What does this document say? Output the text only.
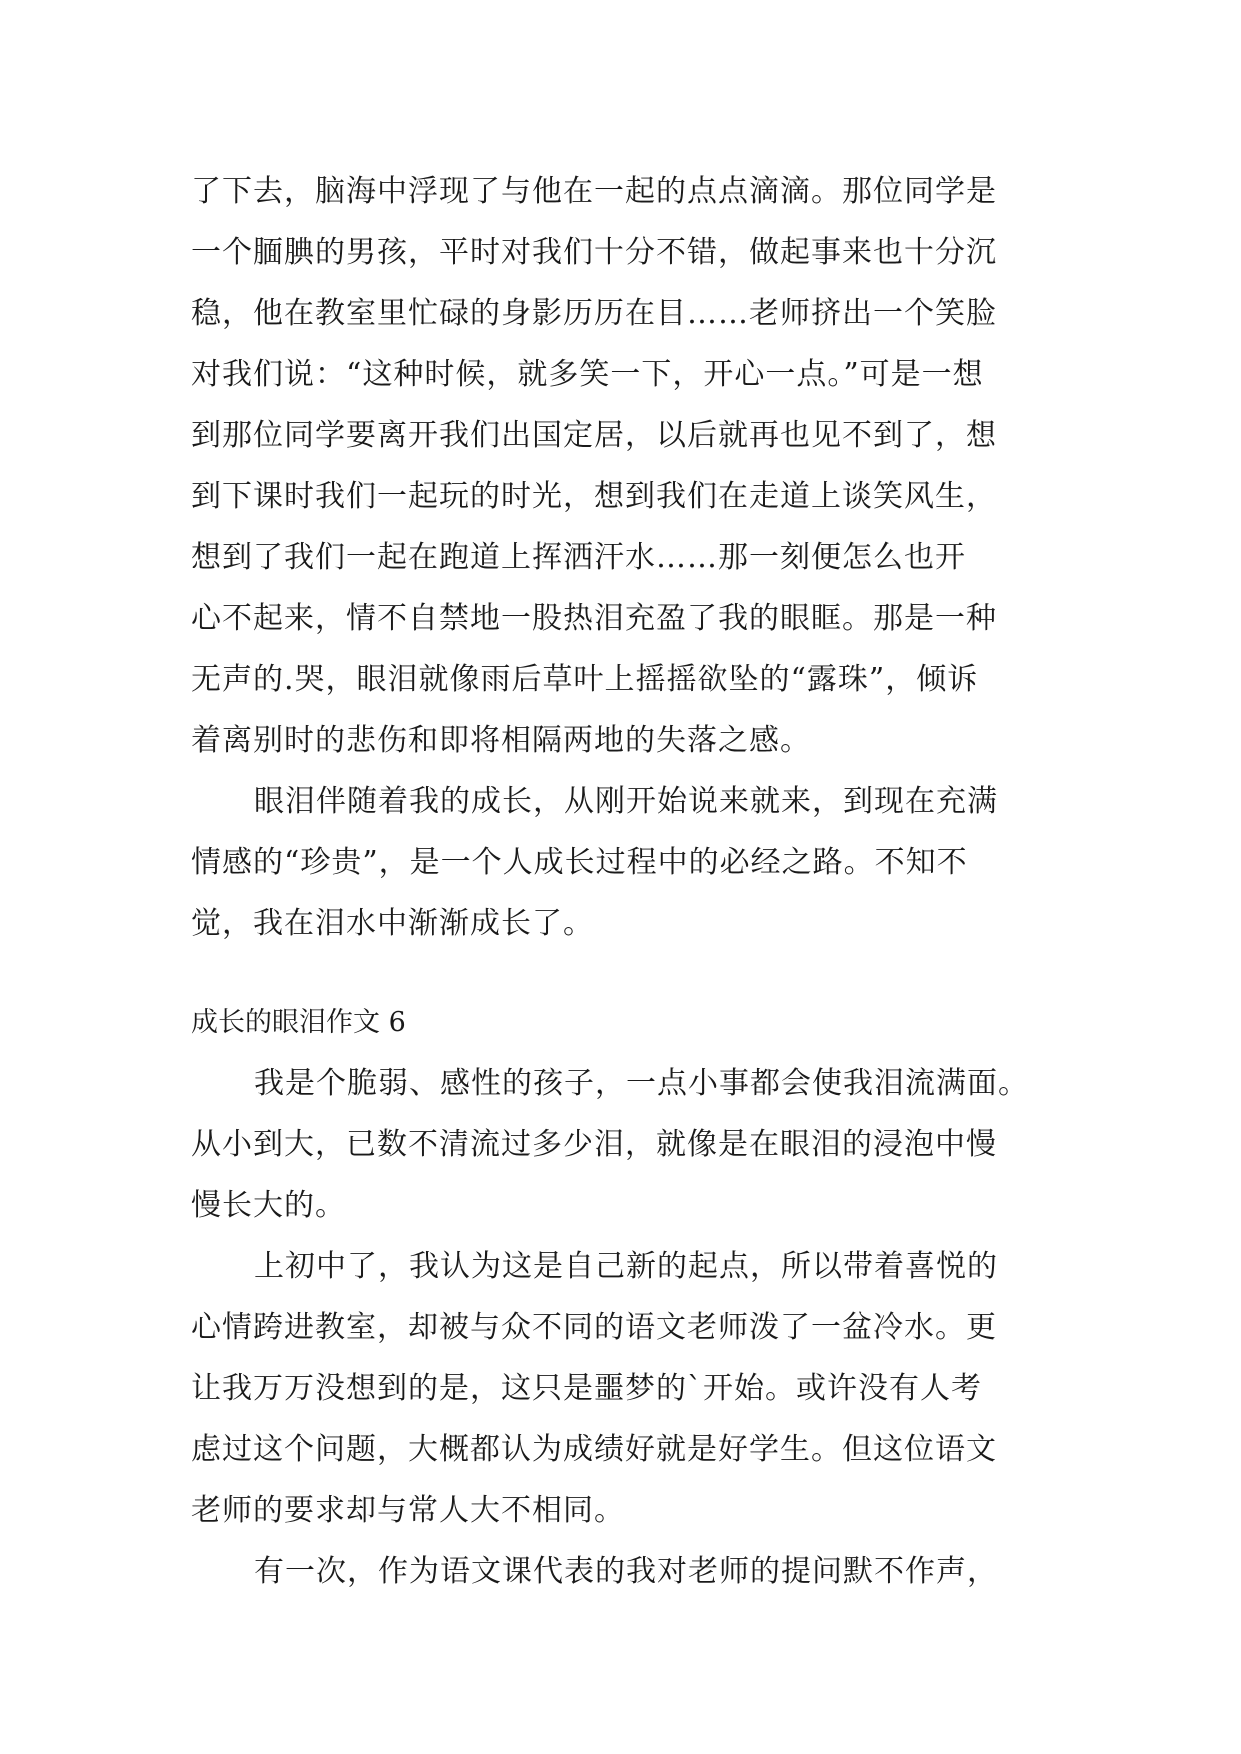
了下去，脑海中浮现了与他在一起的点点滴滴。那位同学是
一个腼腆的男孩，平时对我们十分不错，做起事来也十分沉
稳，他在教室里忙碌的身影历历在目……老师挤出一个笑脸
对我们说：“这种时候，就多笑一下，开心一点。”可是一想
到那位同学要离开我们出国定居，以后就再也见不到了，想
到下课时我们一起玩的时光，想到我们在走道上谈笑风生，
想到了我们一起在跑道上挥洒汗水……那一刻便怎么也开
心不起来，情不自禁地一股热泪充盈了我的眼眶。那是一种
无声的.哭，眼泪就像雨后草叶上摇摇欲坠的“露珠”，倾诉
着离别时的悲伤和即将相隔两地的失落之感。
眼泪伴随着我的成长，从刚开始说来就来，到现在充满
情感的“珍贵”，是一个人成长过程中的必经之路。不知不
觉，我在泪水中渐渐成长了。
成长的眼泪作文 6
我是个脆弱、感性的孩子，一点小事都会使我泪流满面。
从小到大，已数不清流过多少泪，就像是在眼泪的浸泡中慢
慢长大的。
上初中了，我认为这是自己新的起点，所以带着喜悦的
心情跨进教室，却被与众不同的语文老师泼了一盆冷水。更
让我万万没想到的是，这只是噩梦的`开始。或许没有人考
虑过这个问题，大概都认为成绩好就是好学生。但这位语文
老师的要求却与常人大不相同。
有一次，作为语文课代表的我对老师的提问默不作声，
